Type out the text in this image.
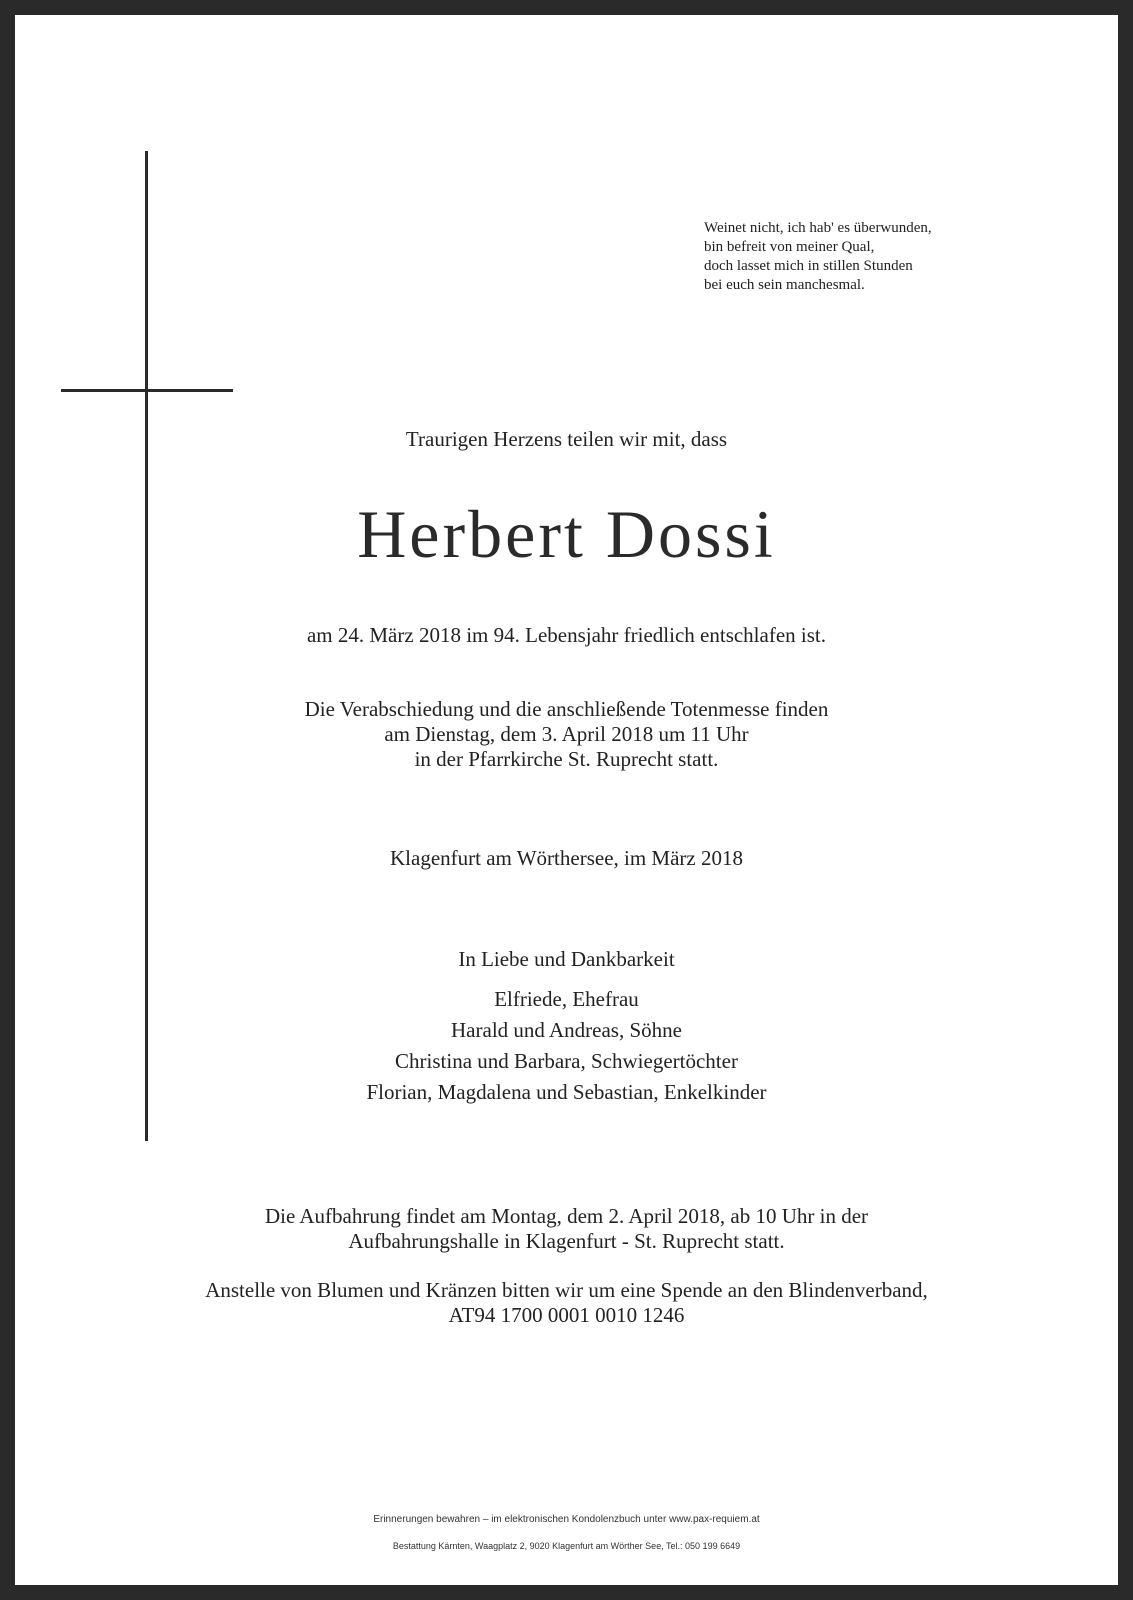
Weinet nicht, ich hab' es überwunden,
bin befreit von meiner Qual,
doch lasset mich in stillen Stunden
bei euch sein manchesmal.
Traurigen Herzens teilen wir mit, dass
Herbert Dossi
am 24. März 2018 im 94. Lebensjahr friedlich entschlafen ist.
Die Verabschiedung und die anschließende Totenmesse finden
am Dienstag, dem 3. April 2018 um 11 Uhr
in der Pfarrkirche St. Ruprecht statt.
Klagenfurt am Wörthersee, im März 2018
In Liebe und Dankbarkeit
Elfriede, Ehefrau
Harald und Andreas, Söhne
Christina und Barbara, Schwiegertöchter
Florian, Magdalena und Sebastian, Enkelkinder
Die Aufbahrung findet am Montag, dem 2. April 2018, ab 10 Uhr in der
Aufbahrungshalle in Klagenfurt - St. Ruprecht statt.
Anstelle von Blumen und Kränzen bitten wir um eine Spende an den Blindenverband,
AT94 1700 0001 0010 1246
Erinnerungen bewahren – im elektronischen Kondolenzbuch unter www.pax-requiem.at
Bestattung Kärnten, Waagplatz 2, 9020 Klagenfurt am Wörther See, Tel.: 050 199 6649
